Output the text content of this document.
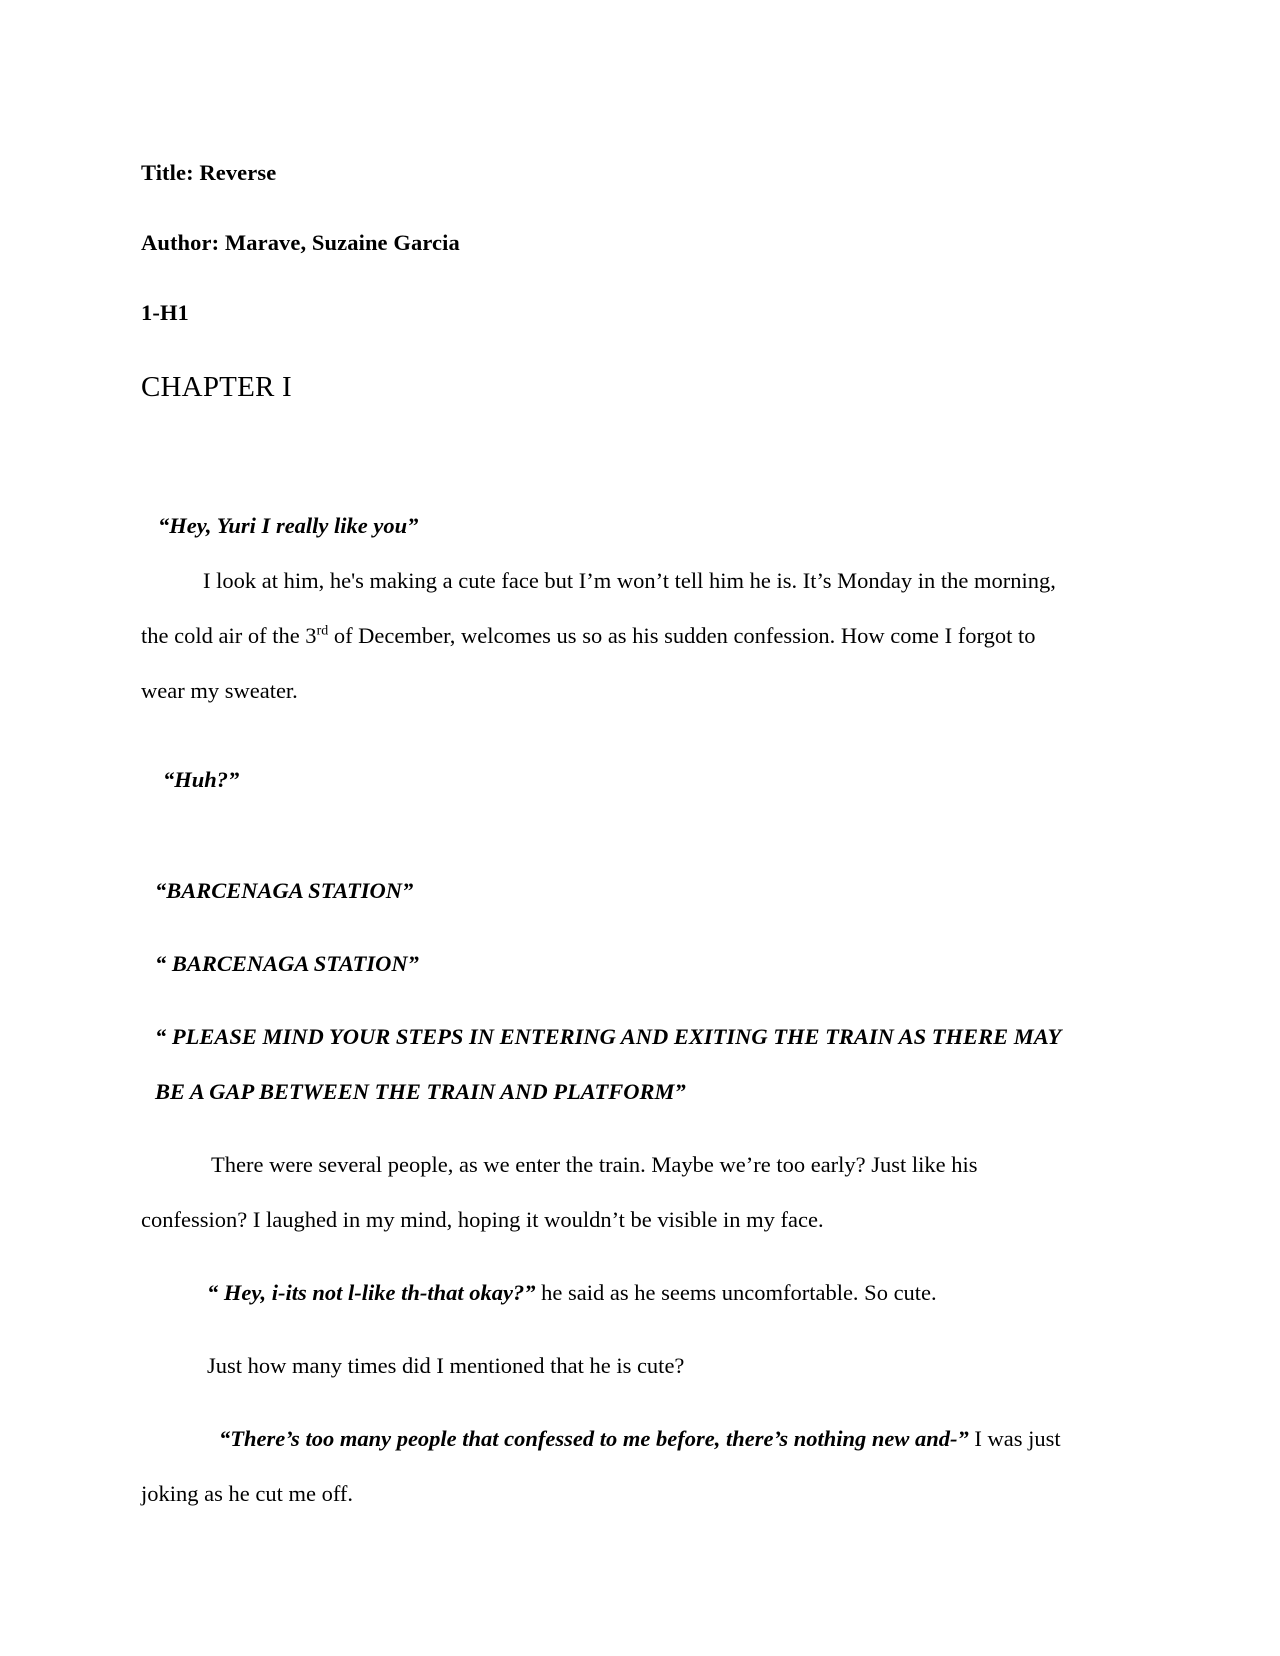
Title: Reverse
Author: Marave, Suzaine Garcia
1-H1
CHAPTER I
“Hey, Yuri I really like you”
I look at him, he's making a cute face but I’m won’t tell him he is. It’s Monday in the morning, the cold air of the 3rd of December, welcomes us so as his sudden confession. How come I forgot to wear my sweater.
“Huh?”
“BARCENAGA STATION”
“ BARCENAGA STATION”
“ PLEASE MIND YOUR STEPS IN ENTERING AND EXITING THE TRAIN AS THERE MAY BE A GAP BETWEEN THE TRAIN AND PLATFORM”
There were several people, as we enter the train. Maybe we’re too early? Just like his confession? I laughed in my mind, hoping it wouldn’t be visible in my face.
“ Hey, i-its not l-like th-that okay?” he said as he seems uncomfortable. So cute.
Just how many times did I mentioned that he is cute?
“There’s too many people that confessed to me before, there’s nothing new and-” I was just joking as he cut me off.
